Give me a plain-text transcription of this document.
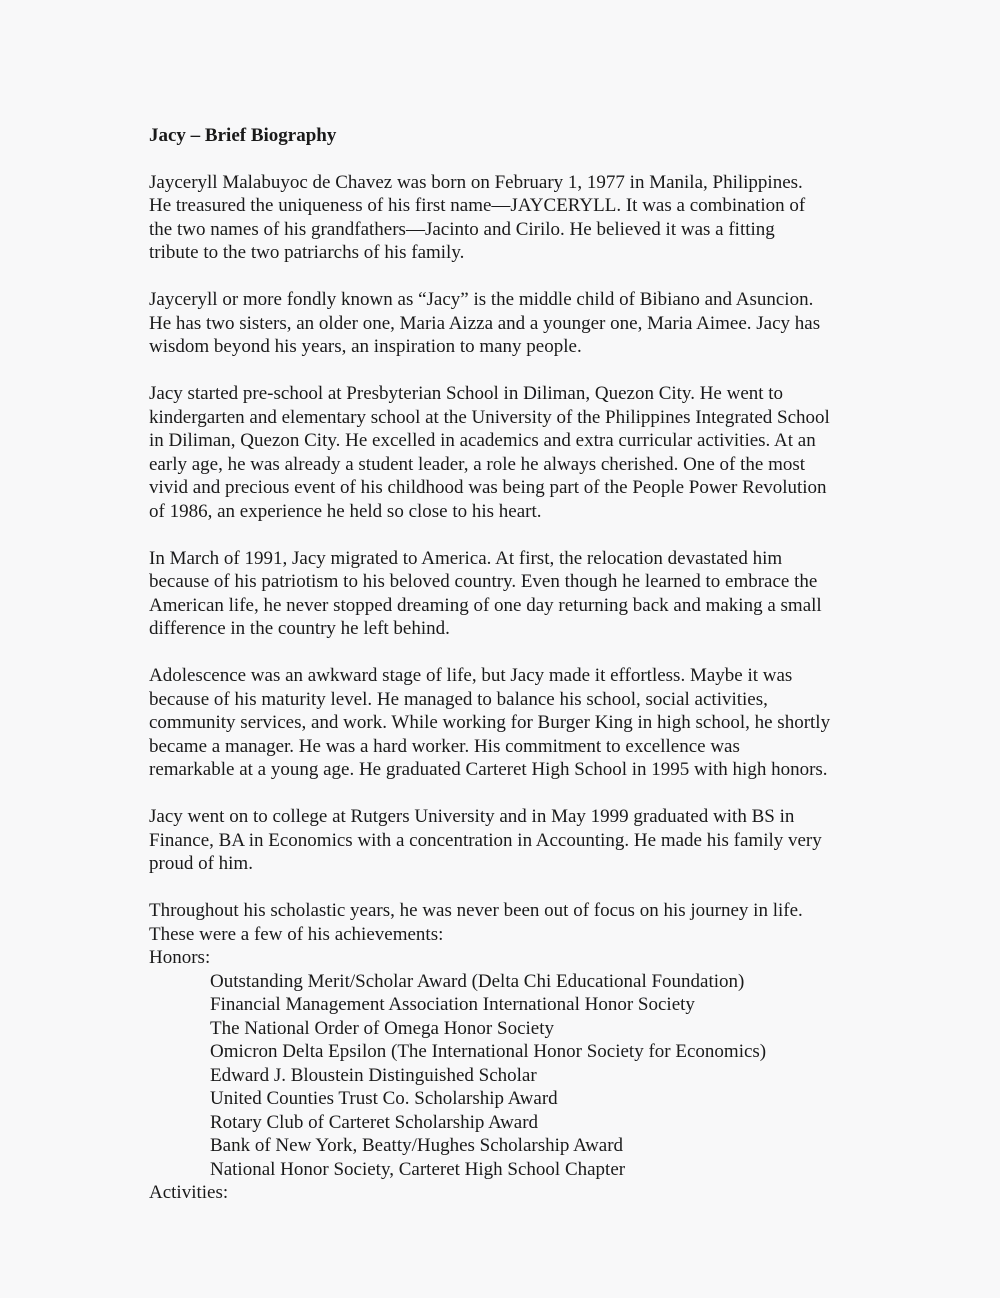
Jacy – Brief Biography
Jayceryll Malabuyoc de Chavez was born on February 1, 1977 in Manila, Philippines.
He treasured the uniqueness of his first name—JAYCERYLL. It was a combination of
the two names of his grandfathers—Jacinto and Cirilo. He believed it was a fitting
tribute to the two patriarchs of his family.
Jayceryll or more fondly known as “Jacy” is the middle child of Bibiano and Asuncion.
He has two sisters, an older one, Maria Aizza and a younger one, Maria Aimee. Jacy has
wisdom beyond his years, an inspiration to many people.
Jacy started pre-school at Presbyterian School in Diliman, Quezon City. He went to
kindergarten and elementary school at the University of the Philippines Integrated School
in Diliman, Quezon City. He excelled in academics and extra curricular activities. At an
early age, he was already a student leader, a role he always cherished. One of the most
vivid and precious event of his childhood was being part of the People Power Revolution
of 1986, an experience he held so close to his heart.
In March of 1991, Jacy migrated to America. At first, the relocation devastated him
because of his patriotism to his beloved country. Even though he learned to embrace the
American life, he never stopped dreaming of one day returning back and making a small
difference in the country he left behind.
Adolescence was an awkward stage of life, but Jacy made it effortless. Maybe it was
because of his maturity level. He managed to balance his school, social activities,
community services, and work. While working for Burger King in high school, he shortly
became a manager. He was a hard worker. His commitment to excellence was
remarkable at a young age. He graduated Carteret High School in 1995 with high honors.
Jacy went on to college at Rutgers University and in May 1999 graduated with BS in
Finance, BA in Economics with a concentration in Accounting. He made his family very
proud of him.
Throughout his scholastic years, he was never been out of focus on his journey in life.
These were a few of his achievements:
Honors:
Outstanding Merit/Scholar Award (Delta Chi Educational Foundation)
Financial Management Association International Honor Society
The National Order of Omega Honor Society
Omicron Delta Epsilon (The International Honor Society for Economics)
Edward J. Bloustein Distinguished Scholar
United Counties Trust Co. Scholarship Award
Rotary Club of Carteret Scholarship Award
Bank of New York, Beatty/Hughes Scholarship Award
National Honor Society, Carteret High School Chapter
Activities:
